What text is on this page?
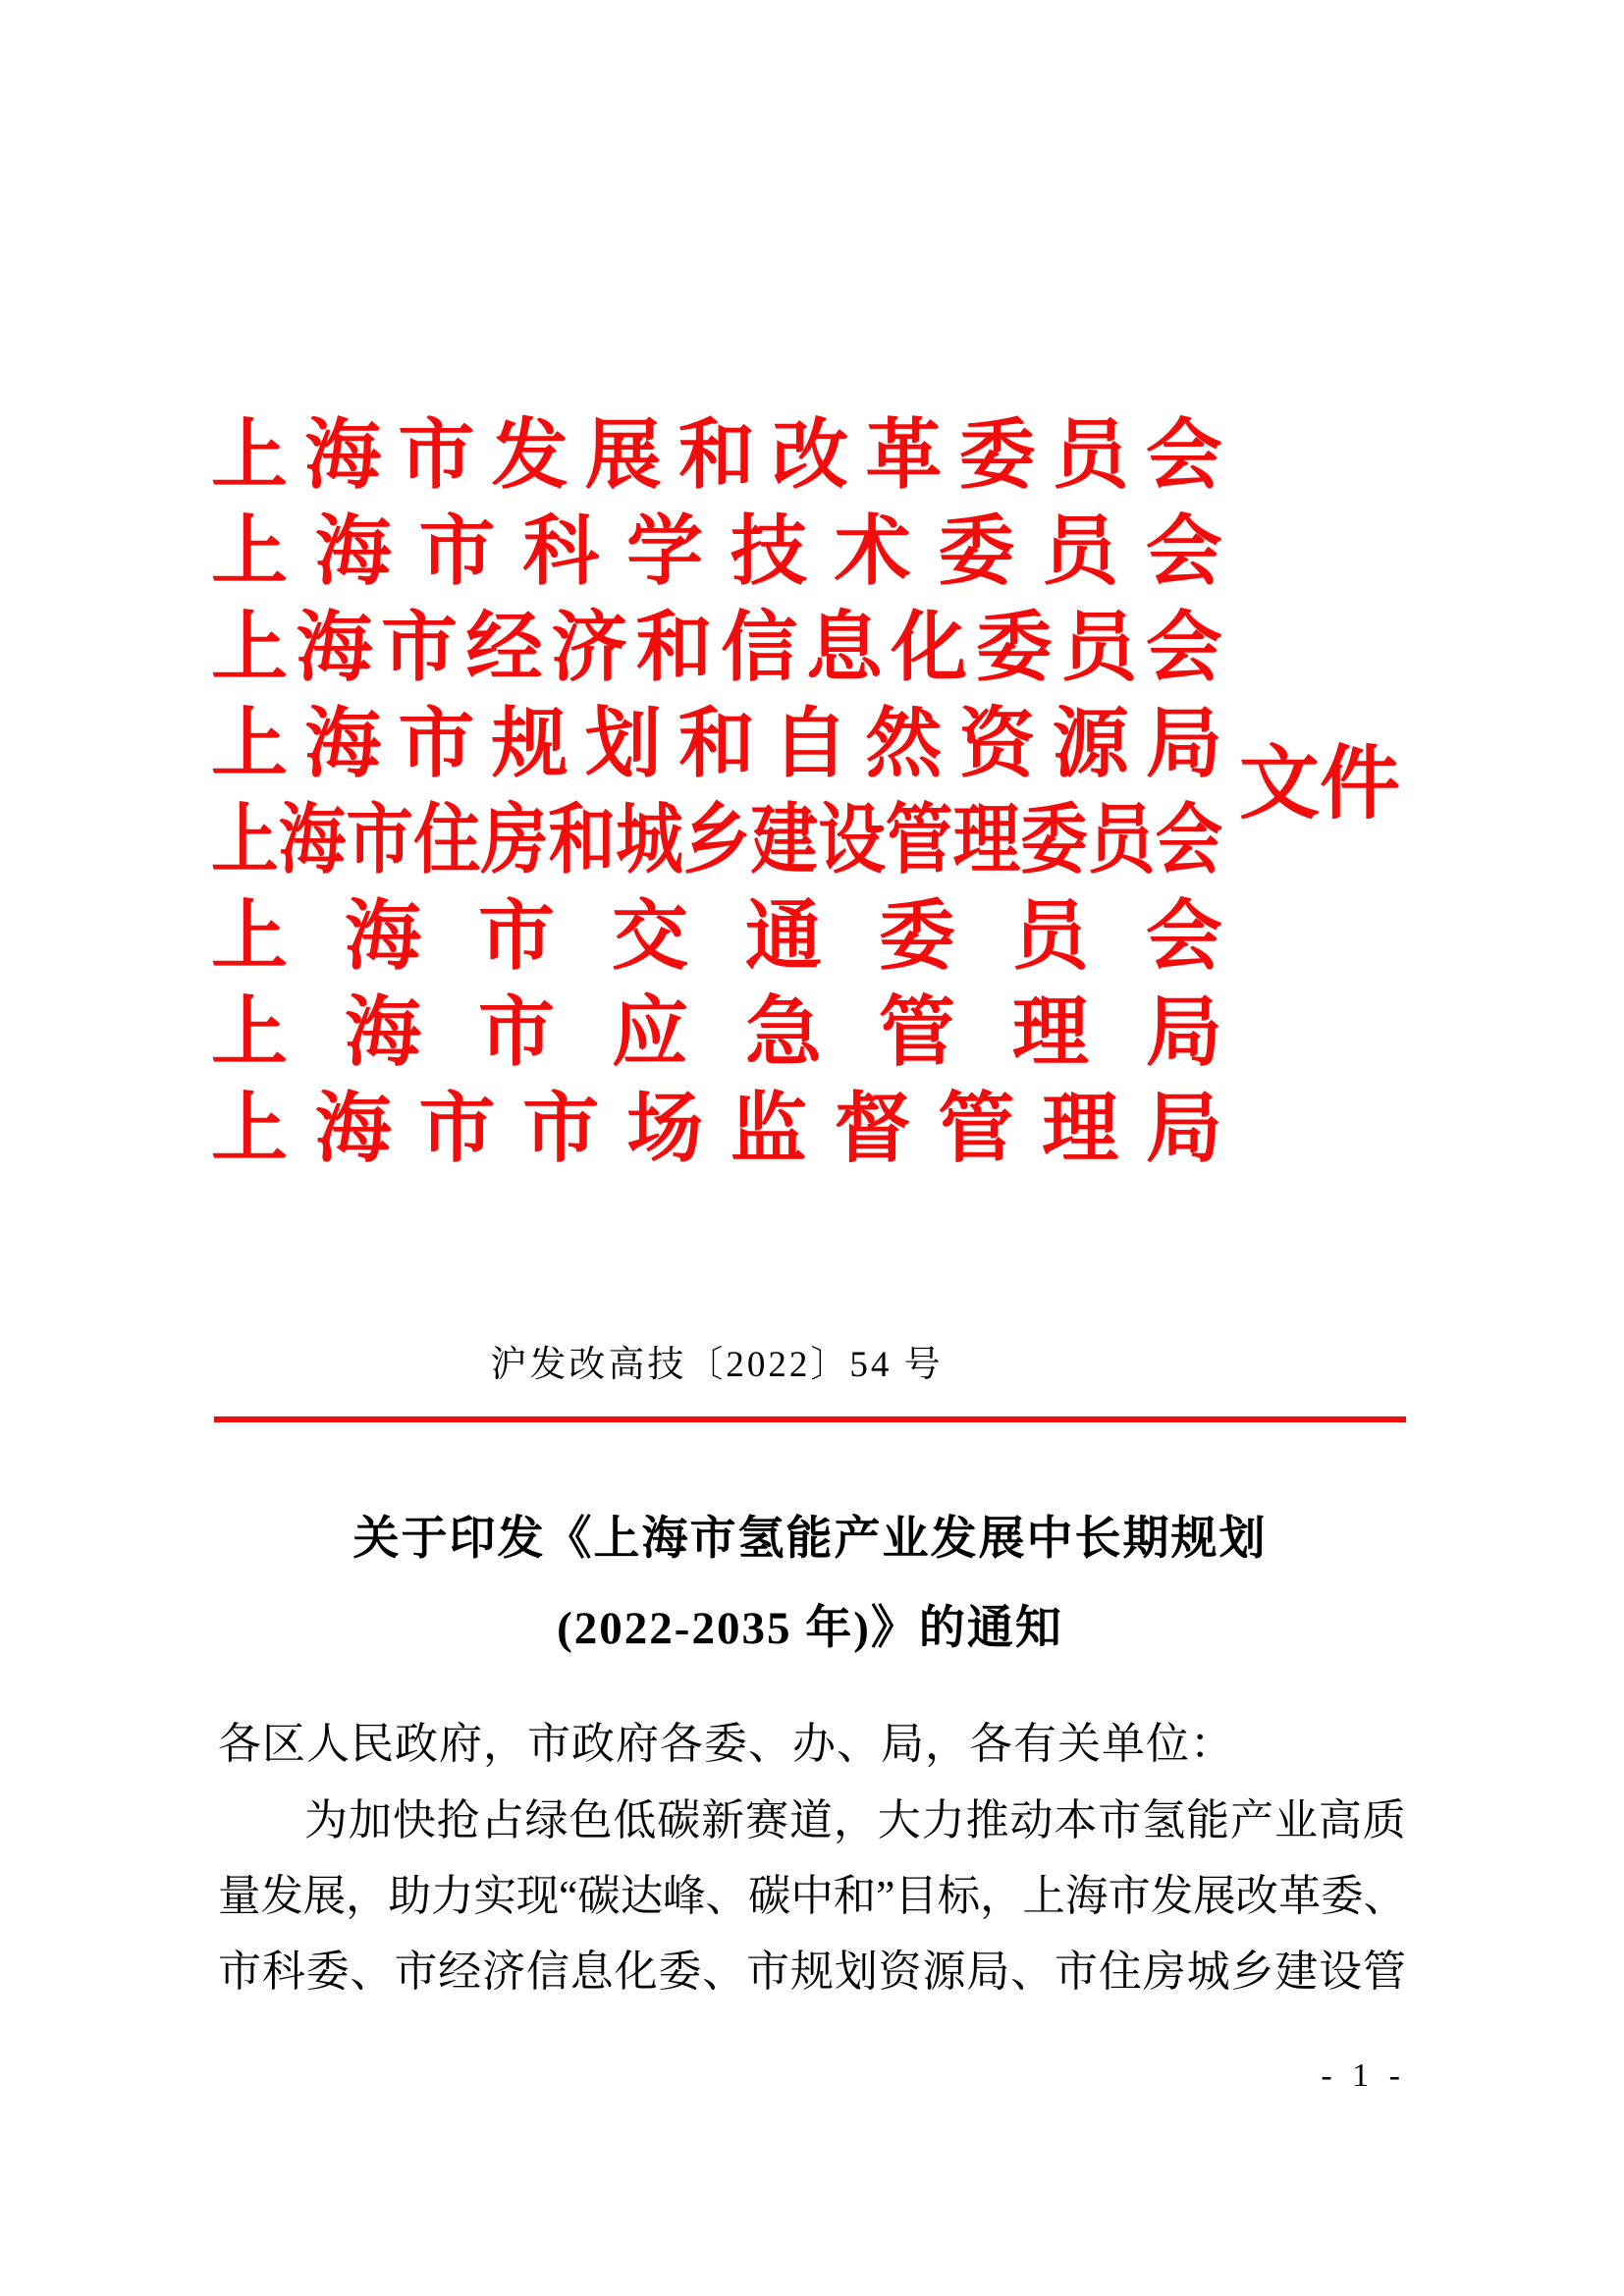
上 海 市 发 展 和 改 革 委 员 会
上 海 市 科 学 技 术 委 员 会
上 海 市 经 济 和 信 息 化 委 员 会
上 海 市 规 划 和 自 然 资 源 局
上 海 市 住 房 和 城 乡 建 设 管 理 委 员 会
上 海 市 交 通 委 员 会
上 海 市 应 急 管 理 局
上 海 市 市 场 监 督 管 理 局
文件
沪发改高技〔2022〕54 号
关于印发《上海市氢能产业发展中长期规划
(2022-2035 年)》的通知
各区人民政府，市政府各委、办、局，各有关单位：
为 加 快 抢 占 绿 色 低 碳 新 赛 道 ， 大 力 推 动 本 市 氢 能 产 业 高 质
量 发 展 ， 助 力 实 现 “ 碳 达 峰 、 碳 中 和 ” 目 标 ， 上 海 市 发 展 改 革 委 、
市 科 委 、 市 经 济 信 息 化 委 、 市 规 划 资 源 局 、 市 住 房 城 乡 建 设 管
- 1 -
